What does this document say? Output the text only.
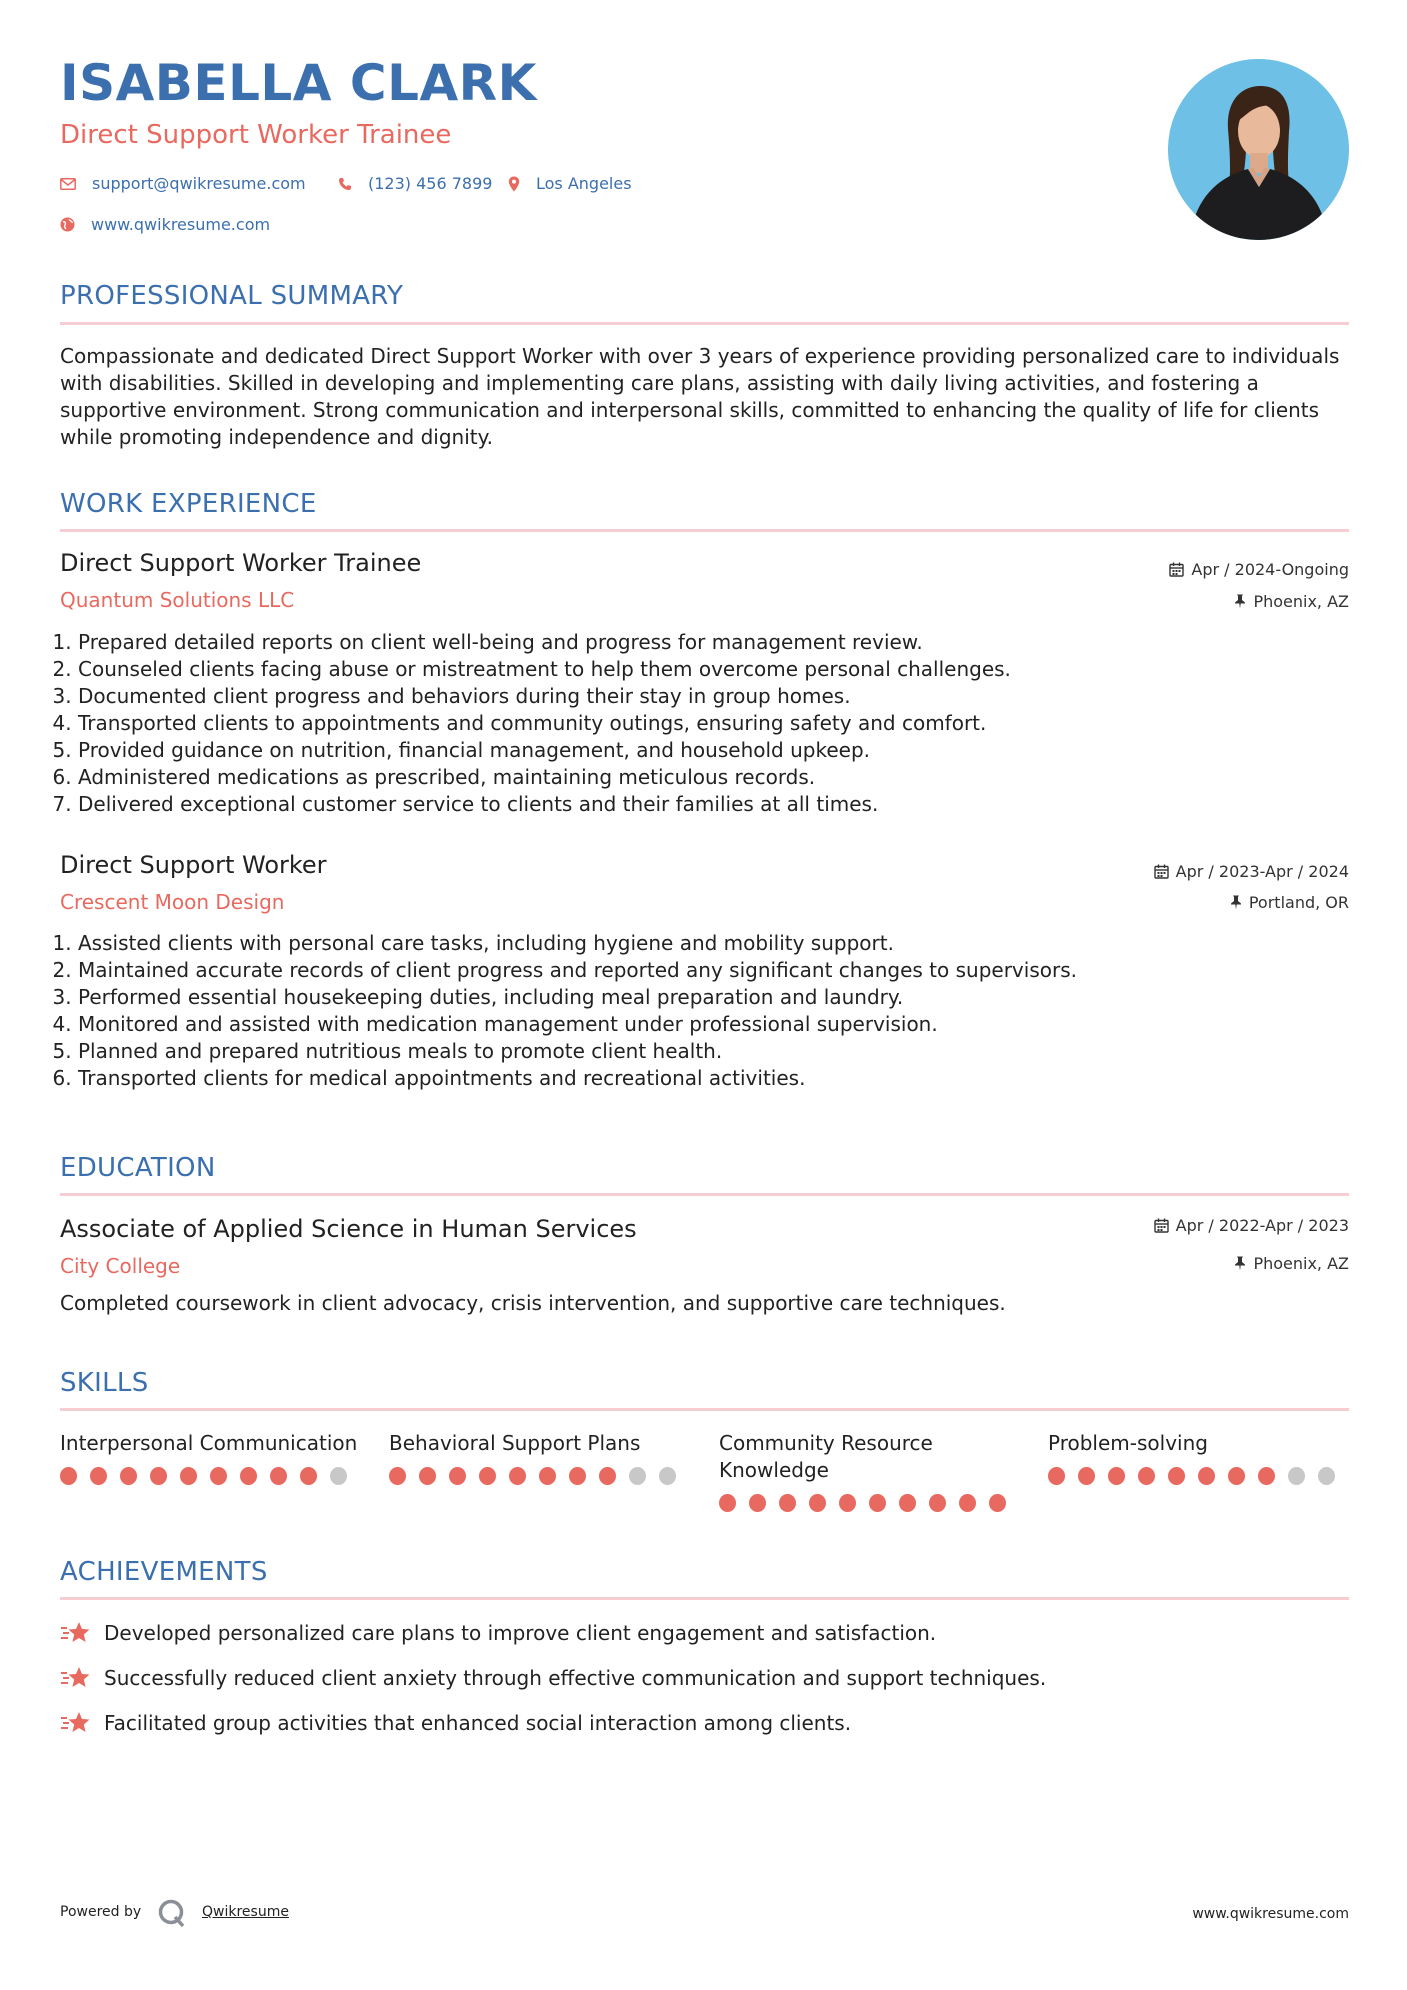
ISABELLA CLARK
Direct Support Worker Trainee
support@qwikresume.com	(123) 456 7899	Los Angeles
www.qwikresume.com
PROFESSIONAL SUMMARY
Compassionate and dedicated Direct Support Worker with over 3 years of experience providing personalized care to individuals with disabilities. Skilled in developing and implementing care plans, assisting with daily living activities, and fostering a supportive environment. Strong communication and interpersonal skills, committed to enhancing the quality of life for clients while promoting independence and dignity.
WORK EXPERIENCE
Direct Support Worker Trainee
Quantum Solutions LLC
Apr / 2024-Ongoing
Phoenix, AZ
1. Prepared detailed reports on client well-being and progress for management review.
2. Counseled clients facing abuse or mistreatment to help them overcome personal challenges.
3. Documented client progress and behaviors during their stay in group homes.
4. Transported clients to appointments and community outings, ensuring safety and comfort.
5. Provided guidance on nutrition, financial management, and household upkeep.
6. Administered medications as prescribed, maintaining meticulous records.
7. Delivered exceptional customer service to clients and their families at all times.
Direct Support Worker
Crescent Moon Design
Apr / 2023-Apr / 2024
Portland, OR
1. Assisted clients with personal care tasks, including hygiene and mobility support.
2. Maintained accurate records of client progress and reported any significant changes to supervisors.
3. Performed essential housekeeping duties, including meal preparation and laundry.
4. Monitored and assisted with medication management under professional supervision.
5. Planned and prepared nutritious meals to promote client health.
6. Transported clients for medical appointments and recreational activities.
EDUCATION
Associate of Applied Science in Human Services
City College
Apr / 2022-Apr / 2023
Phoenix, AZ
Completed coursework in client advocacy, crisis intervention, and supportive care techniques.
SKILLS
Interpersonal Communication Behavioral Support Plans	Community Resource Knowledge
Problem-solving
ACHIEVEMENTS
Developed personalized care plans to improve client engagement and satisfaction.
Successfully reduced client anxiety through effective communication and support techniques.
Facilitated group activities that enhanced social interaction among clients.
Powered by	Qwikresume	www.qwikresume.com
